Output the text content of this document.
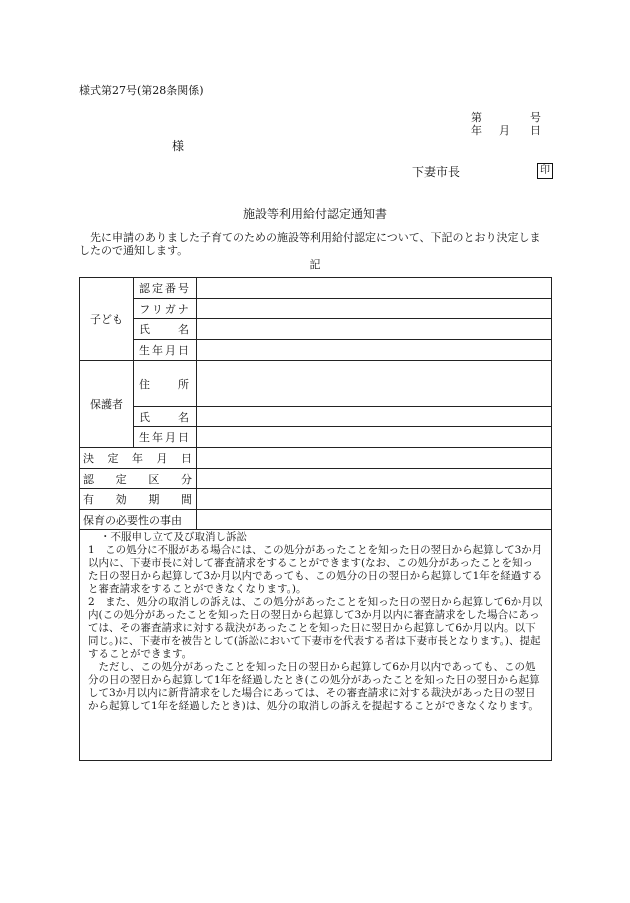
様式第27号(第28条関係)
第	号
年 月 日
様
下妻市長	印
施設等利用給付認定通知書
先に申請のありました子育てのための施設等利用給付認定について、下記のとおり決定しましたので通知します。
記
子ども	認定番号	
	フリガナ	
	氏　　名	
	生年月日	
保護者	住　　所	
	氏　　名	
	生年月日	

決 定 年 月 日		

認 定 区 分		

有 効 期 間		

保育の必要性の事由		

・不服申し立て及び取消し訴訟

1　この処分に不服がある場合には、この処分があったことを知った日の翌日から起算して3か月以内に、下妻市長に対して審査請求をすることができます(なお、この処分があったことを知った日の翌日から起算して3か月以内であっても、この処分の日の翌日から起算して1年を経過すると審査請求をすることができなくなります。)。

2　また、処分の取消しの訴えは、この処分があったことを知った日の翌日から起算して6か月以内(この処分があったことを知った日の翌日から起算して3か月以内に審査請求をした場合にあっては、その審査請求に対する裁決があったことを知った日に翌日から起算して6か月以内。以下同じ。)に、下妻市を被告として(訴訟において下妻市を代表する者は下妻市長となります。)、提起することができます。

　ただし、この処分があったことを知った日の翌日から起算して6か月以内であっても、この処分の日の翌日から起算して1年を経過したとき(この処分があったことを知った日の翌日から起算して3か月以内に新背請求をした場合にあっては、その審査請求に対する裁決があった日の翌日から起算して1年を経過したとき)は、処分の取消しの訴えを提起することができなくなります。
